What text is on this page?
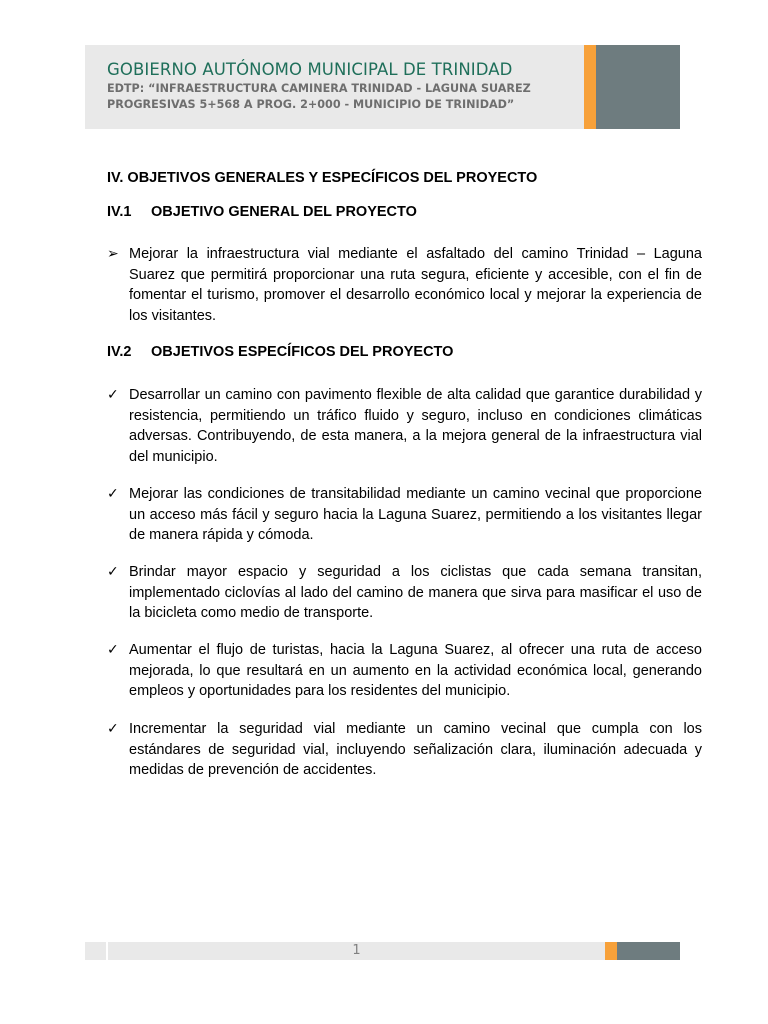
GOBIERNO AUTÓNOMO MUNICIPAL DE TRINIDAD
EDTP: “INFRAESTRUCTURA CAMINERA TRINIDAD - LAGUNA SUAREZ
PROGRESIVAS 5+568 A PROG. 2+000 - MUNICIPIO DE TRINIDAD”
IV. OBJETIVOS GENERALES Y ESPECÍFICOS DEL PROYECTO
IV.1 OBJETIVO GENERAL DEL PROYECTO
➢ Mejorar la infraestructura vial mediante el asfaltado del camino Trinidad – Laguna Suarez que permitirá proporcionar una ruta segura, eficiente y accesible, con el fin de fomentar el turismo, promover el desarrollo económico local y mejorar la experiencia de los visitantes.
IV.2 OBJETIVOS ESPECÍFICOS DEL PROYECTO
✓ Desarrollar un camino con pavimento flexible de alta calidad que garantice durabilidad y resistencia, permitiendo un tráfico fluido y seguro, incluso en condiciones climáticas adversas. Contribuyendo, de esta manera, a la mejora general de la infraestructura vial del municipio.
✓ Mejorar las condiciones de transitabilidad mediante un camino vecinal que proporcione un acceso más fácil y seguro hacia la Laguna Suarez, permitiendo a los visitantes llegar de manera rápida y cómoda.
✓ Brindar mayor espacio y seguridad a los ciclistas que cada semana transitan, implementado ciclovías al lado del camino de manera que sirva para masificar el uso de la bicicleta como medio de transporte.
✓ Aumentar el flujo de turistas, hacia la Laguna Suarez, al ofrecer una ruta de acceso mejorada, lo que resultará en un aumento en la actividad económica local, generando empleos y oportunidades para los residentes del municipio.
✓ Incrementar la seguridad vial mediante un camino vecinal que cumpla con los estándares de seguridad vial, incluyendo señalización clara, iluminación adecuada y medidas de prevención de accidentes.
1
